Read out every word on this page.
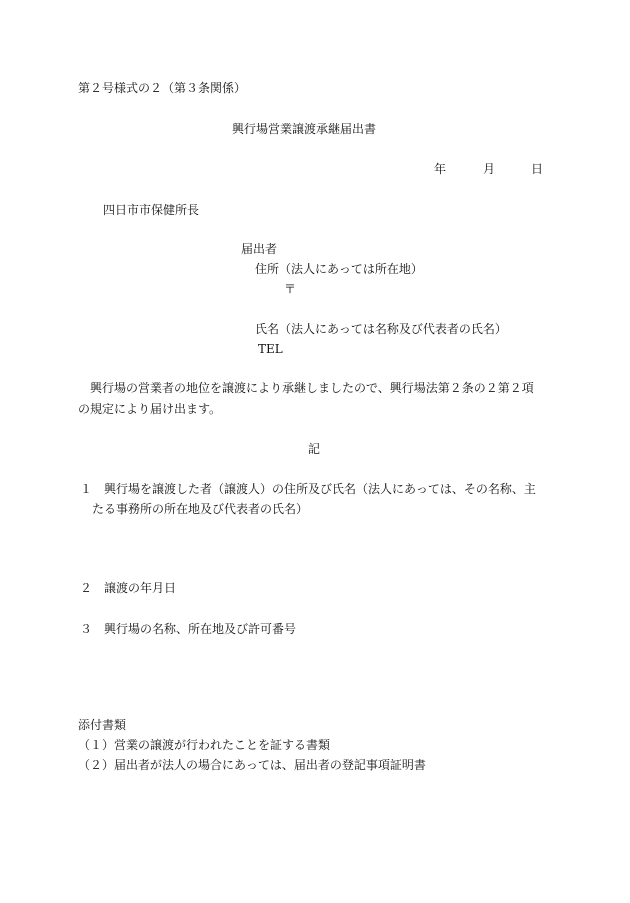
第２号様式の２（第３条関係）
興行場営業譲渡承継届出書
年	月	日
四日市市保健所長
届出者
住所（法人にあっては所在地）
〒
氏名（法人にあっては名称及び代表者の氏名）
TEL
興行場の営業者の地位を譲渡により承継しましたので、興行場法第２条の２第２項
の規定により届け出ます。
記
１ 興行場を譲渡した者（譲渡人）の住所及び氏名（法人にあっては、その名称、主
たる事務所の所在地及び代表者の氏名）
２ 譲渡の年月日
３ 興行場の名称、所在地及び許可番号
添付書類
（１）営業の譲渡が行われたことを証する書類
（２）届出者が法人の場合にあっては、届出者の登記事項証明書
